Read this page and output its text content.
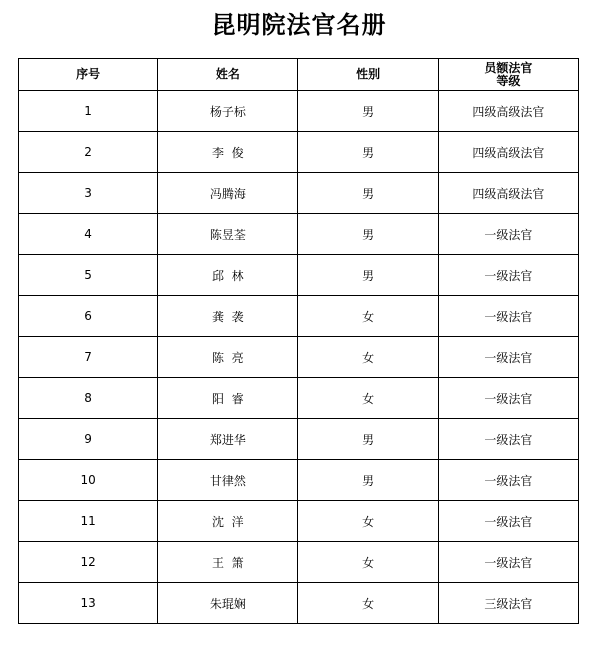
昆明院法官名册
序号	姓名	性别	员额法官
等级

1	杨子标	男	四级高级法官
2	李  俊	男	四级高级法官
3	冯腾海	男	四级高级法官
4	陈昱荃	男	一级法官
5	邱  林	男	一级法官
6	龚  袭	女	一级法官
7	陈  亮	女	一级法官
8	阳  睿	女	一级法官
9	郑进华	男	一级法官
10	甘律然	男	一级法官
11	沈  洋	女	一级法官
12	王  箫	女	一级法官
13	朱琨娴	女	三级法官
